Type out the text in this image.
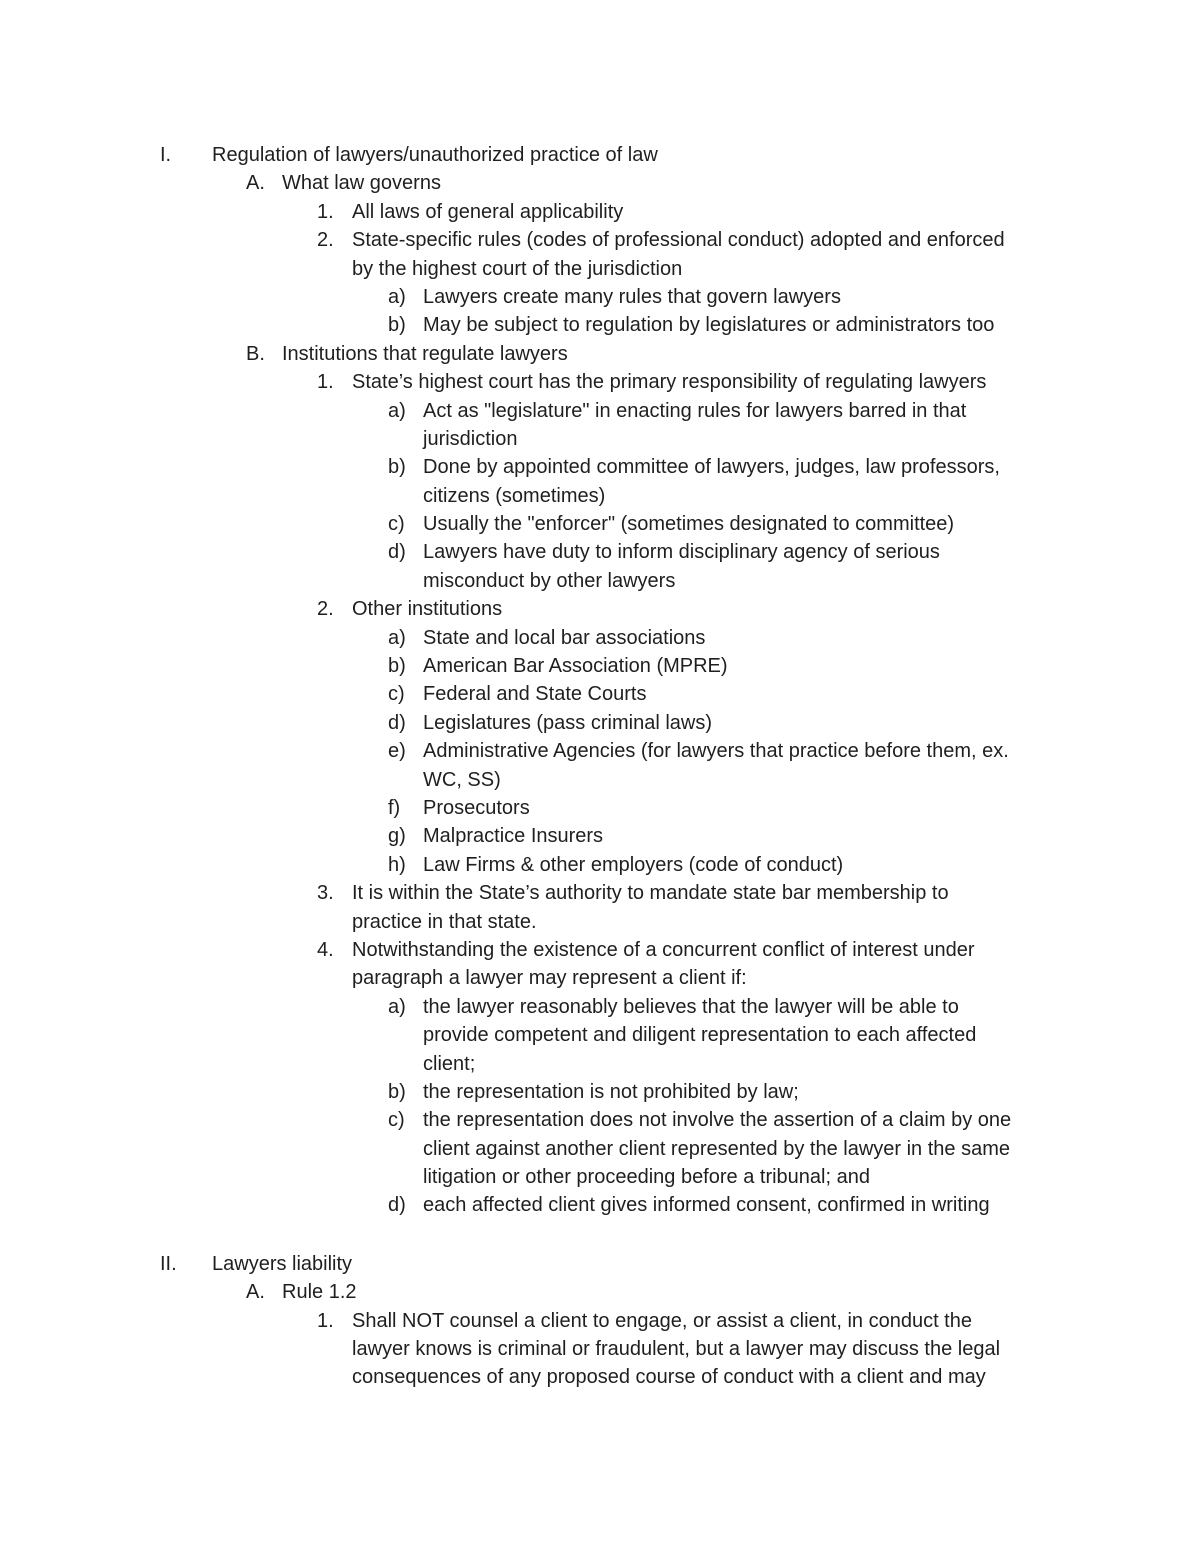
I. Regulation of lawyers/unauthorized practice of law
A. What law governs
1. All laws of general applicability
2. State-specific rules (codes of professional conduct) adopted and enforced
by the highest court of the jurisdiction
a) Lawyers create many rules that govern lawyers
b) May be subject to regulation by legislatures or administrators too
B. Institutions that regulate lawyers
1. State’s highest court has the primary responsibility of regulating lawyers
a) Act as "legislature" in enacting rules for lawyers barred in that
jurisdiction
b) Done by appointed committee of lawyers, judges, law professors,
citizens (sometimes)
c) Usually the "enforcer" (sometimes designated to committee)
d) Lawyers have duty to inform disciplinary agency of serious
misconduct by other lawyers
2. Other institutions
a) State and local bar associations
b) American Bar Association (MPRE)
c) Federal and State Courts
d) Legislatures (pass criminal laws)
e) Administrative Agencies (for lawyers that practice before them, ex.
WC, SS)
f) Prosecutors
g) Malpractice Insurers
h) Law Firms & other employers (code of conduct)
3. It is within the State’s authority to mandate state bar membership to
practice in that state.
4. Notwithstanding the existence of a concurrent conflict of interest under
paragraph a lawyer may represent a client if:
a) the lawyer reasonably believes that the lawyer will be able to
provide competent and diligent representation to each affected
client;
b) the representation is not prohibited by law;
c) the representation does not involve the assertion of a claim by one
client against another client represented by the lawyer in the same
litigation or other proceeding before a tribunal; and
d) each affected client gives informed consent, confirmed in writing
II. Lawyers liability
A. Rule 1.2
1. Shall NOT counsel a client to engage, or assist a client, in conduct the
lawyer knows is criminal or fraudulent, but a lawyer may discuss the legal
consequences of any proposed course of conduct with a client and may
